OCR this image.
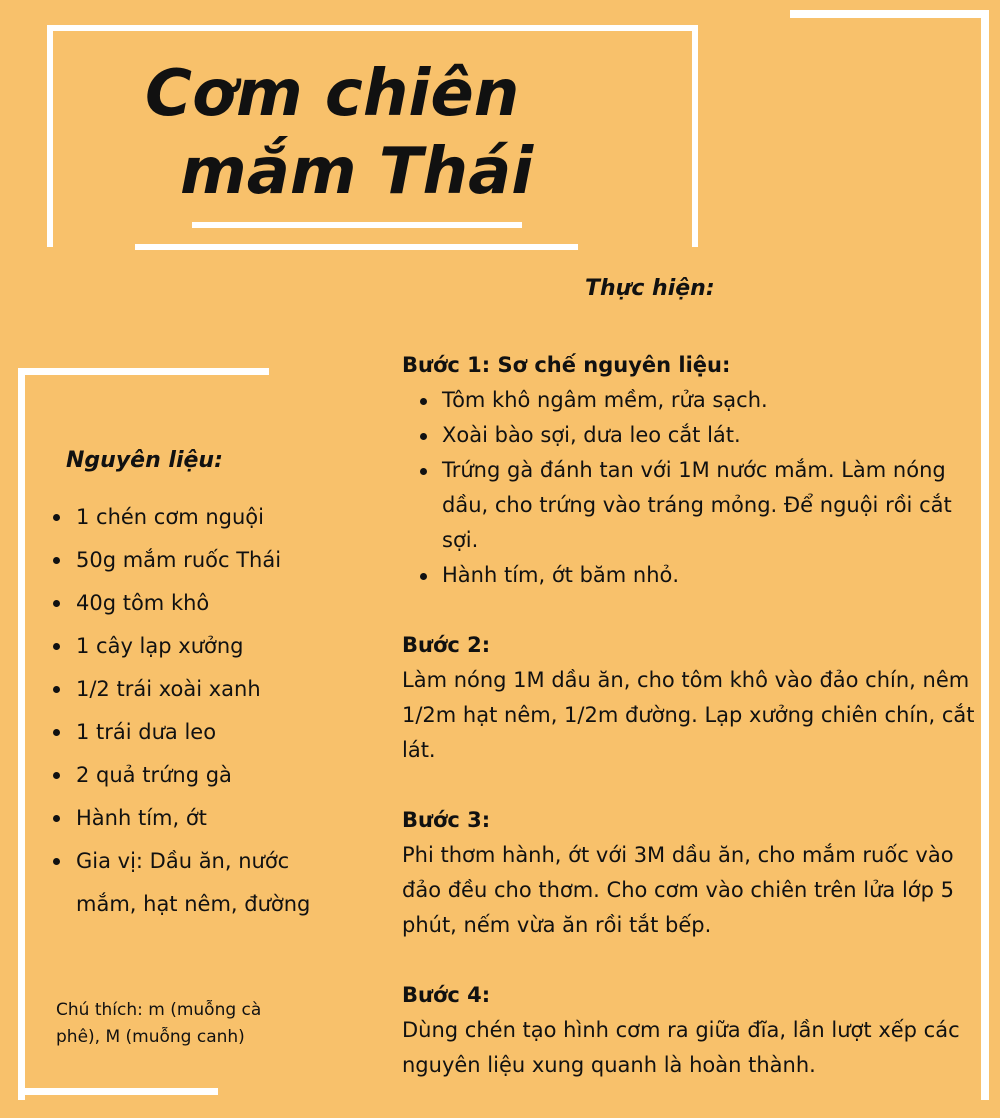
Cơm chiên
mắm Thái
Nguyên liệu:
1 chén cơm nguội
50g mắm ruốc Thái
40g tôm khô
1 cây lạp xưởng
1/2 trái xoài xanh
1 trái dưa leo
2 quả trứng gà
Hành tím, ớt
Gia vị: Dầu ăn, nước mắm, hạt nêm, đường

Chú thích: m (muỗng cà phê), M (muỗng canh)

Thực hiện:
Bước 1: Sơ chế nguyên liệu:
Tôm khô ngâm mềm, rửa sạch.
Xoài bào sợi, dưa leo cắt lát.
Trứng gà đánh tan với 1M nước mắm. Làm nóng dầu, cho trứng vào tráng mỏng. Để nguội rồi cắt sợi.
Hành tím, ớt băm nhỏ.
Bước 2:
Làm nóng 1M dầu ăn, cho tôm khô vào đảo chín, nêm 1/2m hạt nêm, 1/2m đường. Lạp xưởng chiên chín, cắt lát.
Bước 3:
Phi thơm hành, ớt với 3M dầu ăn, cho mắm ruốc vào đảo đều cho thơm. Cho cơm vào chiên trên lửa lớp 5 phút, nếm vừa ăn rồi tắt bếp.
Bước 4:
Dùng chén tạo hình cơm ra giữa đĩa, lần lượt xếp các nguyên liệu xung quanh là hoàn thành.
